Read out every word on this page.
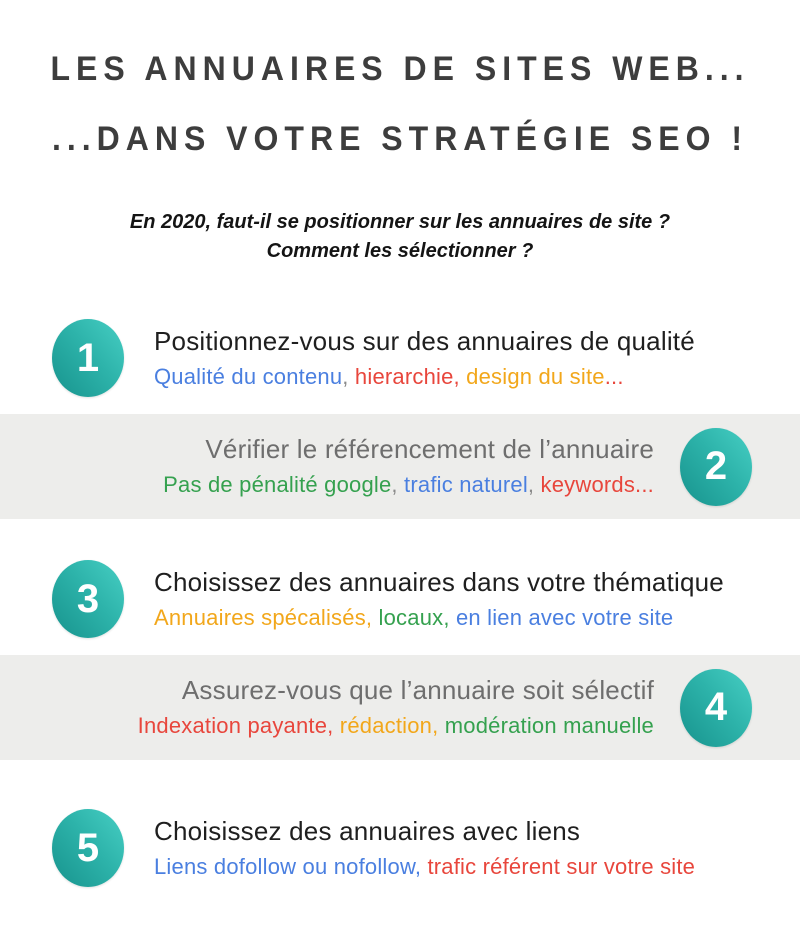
LES ANNUAIRES DE SITES WEB...
...DANS VOTRE STRATÉGIE SEO !
En 2020, faut-il se positionner sur les annuaires de site ?
Comment les sélectionner ?
1	Positionnez-vous sur des annuaires de qualité
Qualité du contenu, hierarchie, design du site...
Vérifier le référencement de l’annuaire
Pas de pénalité google, trafic naturel, keywords...	2
3	Choisissez des annuaires dans votre thématique
Annuaires spécalisés, locaux, en lien avec votre site
Assurez-vous que l’annuaire soit sélectif
Indexation payante, rédaction, modération manuelle	4
5	Choisissez des annuaires avec liens
Liens dofollow ou nofollow, trafic référent sur votre site
